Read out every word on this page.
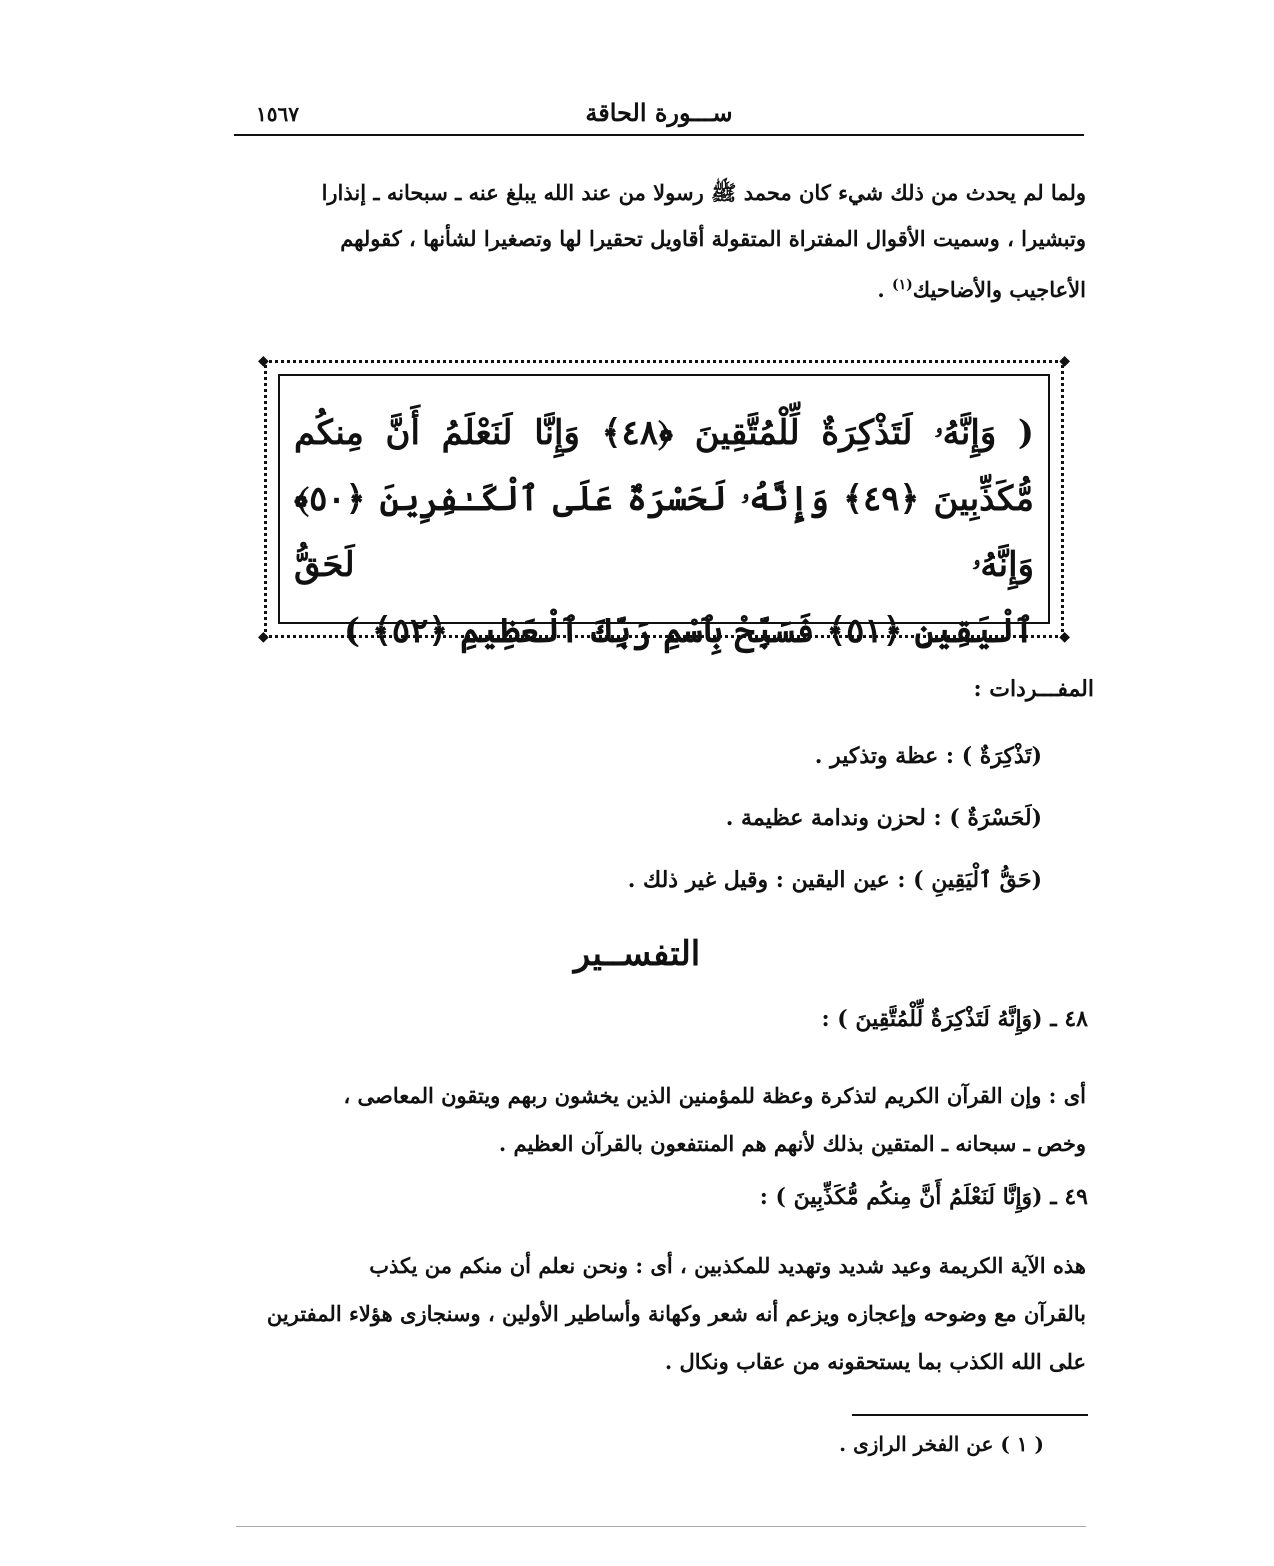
ســـورة الحاقة
١٥٦٧
ولما لم يحدث من ذلك شيء كان محمد ﷺ رسولا من عند الله يبلغ عنه ـ سبحانه ـ إنذارا
وتبشيرا ، وسميت الأقوال المفتراة المتقولة أقاويل تحقيرا لها وتصغيرا لشأنها ، كقولهم
الأعاجيب والأضاحيك$^{(١)}$ .
◆	◆
◆	◆
( وَإِنَّهُۥ لَتَذْكِرَةٌ لِّلْمُتَّقِينَ ﴿٤٨﴾ وَإِنَّا لَنَعْلَمُ أَنَّ مِنكُم
مُّكَذِّبِينَ ﴿٤٩﴾ وَإِنَّهُۥ لَحَسْرَةٌ عَلَى ٱلْكَـٰفِرِينَ ﴿٥٠﴾ وَإِنَّهُۥ لَحَقُّ
ٱلْيَقِينِ ﴿٥١﴾ فَسَبِّحْ بِٱسْمِ رَبِّكَ ٱلْعَظِيمِ ﴿٥٢﴾ )
المفـــردات :
(تَذْكِرَةٌ ) : عظة وتذكير .
(لَحَسْرَةٌ ) : لحزن وندامة عظيمة .
(حَقُّ ٱلْيَقِينِ ) : عين اليقين : وقيل غير ذلك .
التفســير
٤٨ ـ (وَإِنَّهُ لَتَذْكِرَةٌ لِّلْمُتَّقِينَ ) :
أى : وإن القرآن الكريم لتذكرة وعظة للمؤمنين الذين يخشون ربهم ويتقون المعاصى ،
وخص ـ سبحانه ـ المتقين بذلك لأنهم هم المنتفعون بالقرآن العظيم .
٤٩ ـ (وَإِنَّا لَنَعْلَمُ أَنَّ مِنكُم مُّكَذِّبِينَ ) :
هذه الآية الكريمة وعيد شديد وتهديد للمكذبين ، أى : ونحن نعلم أن منكم من يكذب
بالقرآن مع وضوحه وإعجازه ويزعم أنه شعر وكهانة وأساطير الأولين ، وسنجازى هؤلاء المفترين
على الله الكذب بما يستحقونه من عقاب ونكال .
( ١ ) عن الفخر الرازى .
